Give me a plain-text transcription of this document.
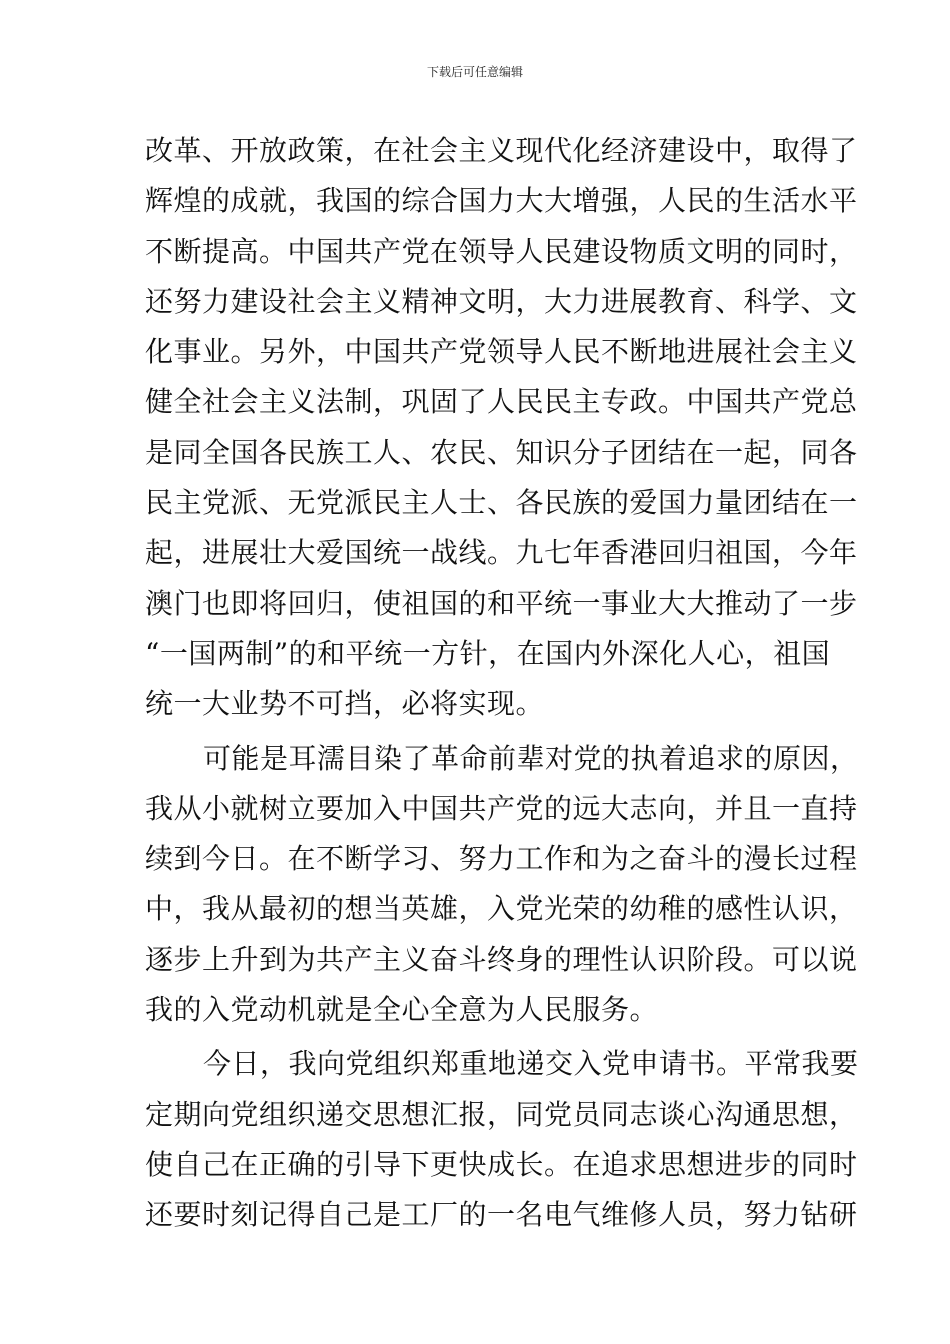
下载后可任意编辑
改革、开放政策，在社会主义现代化经济建设中，取得了
辉煌的成就，我国的综合国力大大增强，人民的生活水平
不断提高。中国共产党在领导人民建设物质文明的同时，
还努力建设社会主义精神文明，大力进展教育、科学、文
化事业。另外，中国共产党领导人民不断地进展社会主义
健全社会主义法制，巩固了人民民主专政。中国共产党总
是同全国各民族工人、农民、知识分子团结在一起，同各
民主党派、无党派民主人士、各民族的爱国力量团结在一
起，进展壮大爱国统一战线。九七年香港回归祖国，今年
澳门也即将回归，使祖国的和平统一事业大大推动了一步
“一国两制”的和平统一方针，在国内外深化人心，祖国
统一大业势不可挡，必将实现。
可能是耳濡目染了革命前辈对党的执着追求的原因，
我从小就树立要加入中国共产党的远大志向，并且一直持
续到今日。在不断学习、努力工作和为之奋斗的漫长过程
中，我从最初的想当英雄，入党光荣的幼稚的感性认识，
逐步上升到为共产主义奋斗终身的理性认识阶段。可以说
我的入党动机就是全心全意为人民服务。
今日，我向党组织郑重地递交入党申请书。平常我要
定期向党组织递交思想汇报，同党员同志谈心沟通思想，
使自己在正确的引导下更快成长。在追求思想进步的同时
还要时刻记得自己是工厂的一名电气维修人员，努力钻研
